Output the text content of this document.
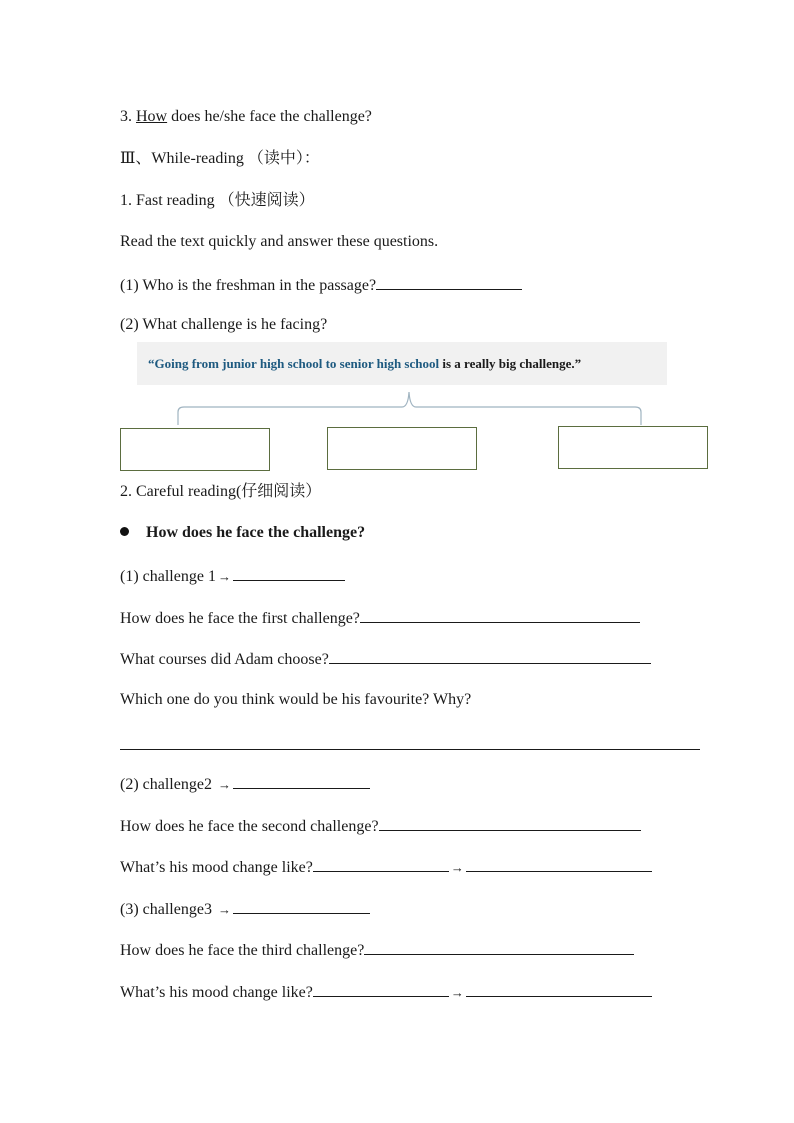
3. How does he/she face the challenge?
Ⅲ、While-reading （读中）：
1. Fast reading （快速阅读）
Read the text quickly and answer these questions.
(1) Who is the freshman in the passage?
(2) What challenge is he facing?
“Going from junior high school to senior high school is a really big challenge.”
2. Careful reading(仔细阅读）
How does he face the challenge?
(1) challenge 1 →
How does he face the first challenge?
What courses did Adam choose?
Which one do you think would be his favourite? Why?
(2) challenge2 →
How does he face the second challenge?
What’s his mood change like?	→
(3) challenge3 →
How does he face the third challenge?
What’s his mood change like?	→
